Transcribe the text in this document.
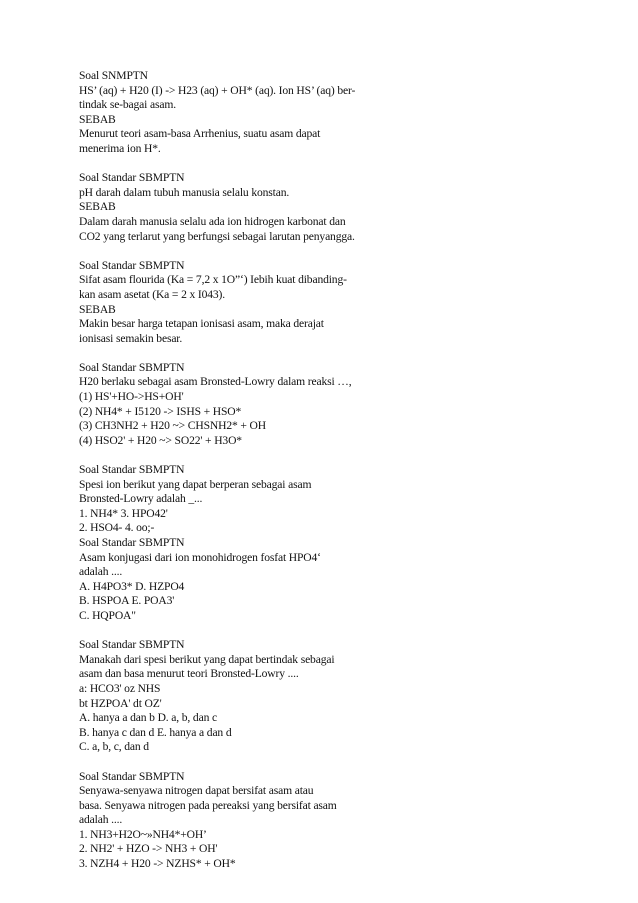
Soal SNMPTN
HS’ (aq) + H20 (I) -> H23 (aq) + OH* (aq). Ion HS’ (aq) ber-
tindak se-bagai asam.
SEBAB
Menurut teori asam-basa Arrhenius, suatu asam dapat
menerima ion H*.
Soal Standar SBMPTN
pH darah dalam tubuh manusia selalu konstan.
SEBAB
Dalam darah manusia selalu ada ion hidrogen karbonat dan
CO2 yang terlarut yang berfungsi sebagai larutan penyangga.
Soal Standar SBMPTN
Sifat asam flourida (Ka = 7,2 x 1O”‘) Iebih kuat dibanding-
kan asam asetat (Ka = 2 x I043).
SEBAB
Makin besar harga tetapan ionisasi asam, maka derajat
ionisasi semakin besar.
Soal Standar SBMPTN
H20 berlaku sebagai asam Bronsted-Lowry dalam reaksi …,
(1) HS'+HO->HS+OH'
(2) NH4* + I5120 -> ISHS + HSO*
(3) CH3NH2 + H20 ~> CHSNH2* + OH
(4) HSO2' + H20 ~> SO22' + H3O*
Soal Standar SBMPTN
Spesi ion berikut yang dapat berperan sebagai asam
Bronsted-Lowry adalah _...
1. NH4* 3. HPO42'
2. HSO4- 4. oo;-
Soal Standar SBMPTN
Asam konjugasi dari ion monohidrogen fosfat HPO4‘
adalah ....
A. H4PO3* D. HZPO4
B. HSPOA E. POA3'
C. HQPOA"
Soal Standar SBMPTN
Manakah dari spesi berikut yang dapat bertindak sebagai
asam dan basa menurut teori Bronsted-Lowry ....
a: HCO3' oz NHS
bt HZPOA' dt OZ'
A. hanya a dan b D. a, b, dan c
B. hanya c dan d E. hanya a dan d
C. a, b, c, dan d
Soal Standar SBMPTN
Senyawa-senyawa nitrogen dapat bersifat asam atau
basa. Senyawa nitrogen pada pereaksi yang bersifat asam
adalah ....
1. NH3+H2O~»NH4*+OH’
2. NH2' + HZO -> NH3 + OH'
3. NZH4 + H20 -> NZHS* + OH*
